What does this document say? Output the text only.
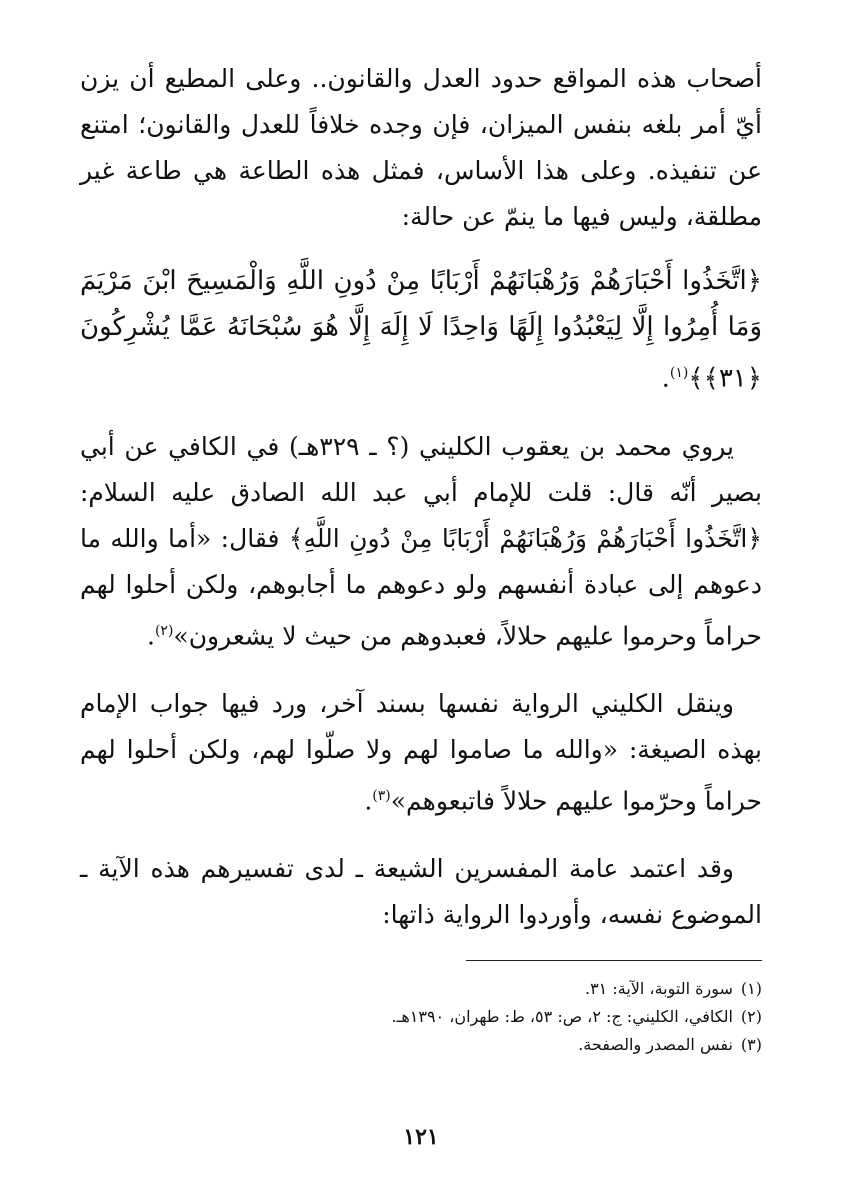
أصحاب هذه المواقع حدود العدل والقانون.. وعلى المطيع أن يزن أيّ أمر بلغه بنفس الميزان، فإن وجده خلافاً للعدل والقانون؛ امتنع عن تنفيذه. وعلى هذا الأساس، فمثل هذه الطاعة هي طاعة غير مطلقة، وليس فيها ما ينمّ عن حالة:

﴿اتَّخَذُوا أَحْبَارَهُمْ وَرُهْبَانَهُمْ أَرْبَابًا مِنْ دُونِ اللَّهِ وَالْمَسِيحَ ابْنَ مَرْيَمَ وَمَا أُمِرُوا إِلَّا لِيَعْبُدُوا إِلَهًا وَاحِدًا لَا إِلَهَ إِلَّا هُوَ سُبْحَانَهُ عَمَّا يُشْرِكُونَ ﴿٣١﴾﴾$^{(١)}$.

يروي محمد بن يعقوب الكليني (؟ ـ ٣٢٩هـ) في الكافي عن أبي بصير أنّه قال: قلت للإمام أبي عبد الله الصادق عليه السلام: ﴿اتَّخَذُوا أَحْبَارَهُمْ وَرُهْبَانَهُمْ أَرْبَابًا مِنْ دُونِ اللَّهِ﴾ فقال: «أما والله ما دعوهم إلى عبادة أنفسهم ولو دعوهم ما أجابوهم، ولكن أحلوا لهم حراماً وحرموا عليهم حلالاً، فعبدوهم من حيث لا يشعرون»$^{(٢)}$.

وينقل الكليني الرواية نفسها بسند آخر، ورد فيها جواب الإمام بهذه الصيغة: «والله ما صاموا لهم ولا صلّوا لهم، ولكن أحلوا لهم حراماً وحرّموا عليهم حلالاً فاتبعوهم»$^{(٣)}$.

وقد اعتمد عامة المفسرين الشيعة ـ لدى تفسيرهم هذه الآية ـ الموضوع نفسه، وأوردوا الرواية ذاتها:

(١)سورة التوبة، الآية: ٣١.
(٢)الكافي، الكليني: ج: ٢، ص: ٥٣، ط: طهران، ١٣٩٠هـ.
(٣)نفس المصدر والصفحة.
١٢١
